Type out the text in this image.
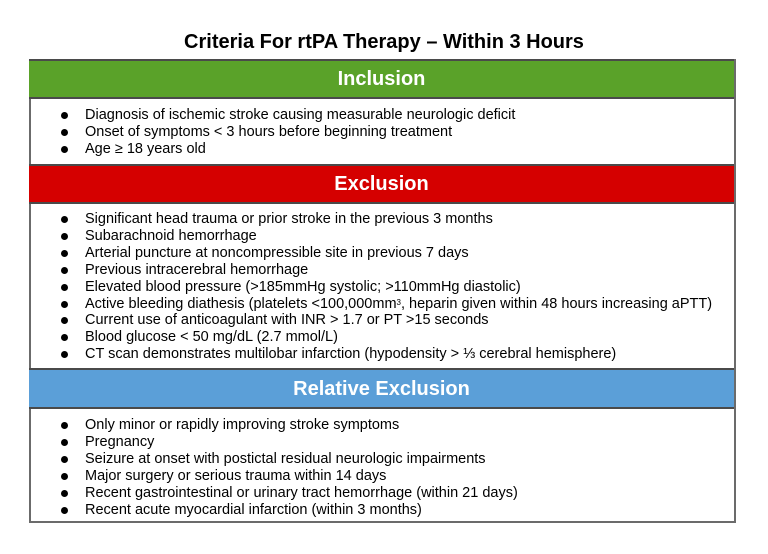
Criteria For rtPA Therapy – Within 3 Hours
Inclusion
Diagnosis of ischemic stroke causing measurable neurologic deficit
Onset of symptoms < 3 hours before beginning treatment
Age ≥ 18 years old
Exclusion
Significant head trauma or prior stroke in the previous 3 months
Subarachnoid hemorrhage
Arterial puncture at noncompressible site in previous 7 days
Previous intracerebral hemorrhage
Elevated blood pressure (>185mmHg systolic; >110mmHg diastolic)
Active bleeding diathesis (platelets $<100,000mm^3$, heparin given within 48 hours increasing aPTT)
Current use of anticoagulant with INR > 1.7 or PT >15 seconds
Blood glucose < 50 mg/dL (2.7 mmol/L)
CT scan demonstrates multilobar infarction (hypodensity > ⅓ cerebral hemisphere)
Relative Exclusion
Only minor or rapidly improving stroke symptoms
Pregnancy
Seizure at onset with postictal residual neurologic impairments
Major surgery or serious trauma within 14 days
Recent gastrointestinal or urinary tract hemorrhage (within 21 days)
Recent acute myocardial infarction (within 3 months)
